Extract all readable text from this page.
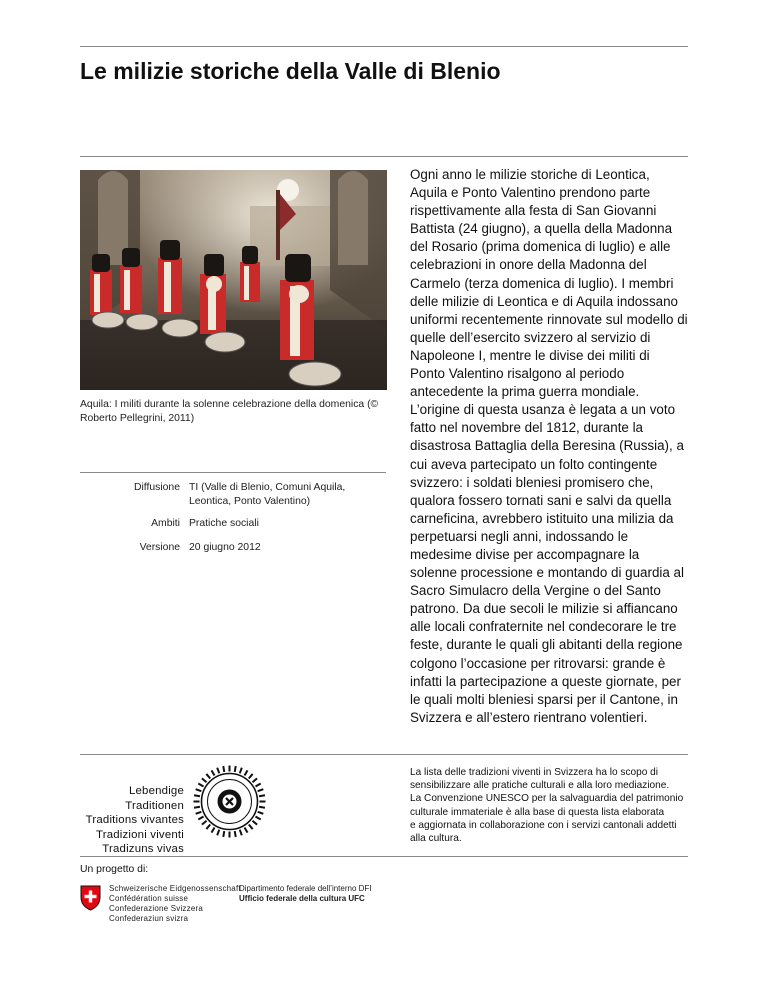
Le milizie storiche della Valle di Blenio
Aquila: I militi durante la solenne celebrazione della domenica (© Roberto Pellegrini, 2011)
Diffusione TI (Valle di Blenio, Comuni Aquila, Leontica, Ponto Valentino)
Ambiti Pratiche sociali
Versione 20 giugno 2012
Ogni anno le milizie storiche di Leontica, Aquila e Ponto Valentino prendono parte rispettivamente alla festa di San Giovanni Battista (24 giugno), a quella della Madonna del Rosario (prima domenica di luglio) e alle celebrazioni in onore della Madonna del Carmelo (terza domenica di luglio). I membri delle milizie di Leontica e di Aquila indossano uniformi recentemente rinnovate sul modello di quelle dell’esercito svizzero al servizio di Napoleone I, mentre le divise dei militi di Ponto Valentino risalgono al periodo antecedente la prima guerra mondiale. L’origine di questa usanza è legata a un voto fatto nel novembre del 1812, durante la disastrosa Battaglia della Beresina (Russia), a cui aveva partecipato un folto contingente svizzero: i soldati bleniesi promisero che, qualora fossero tornati sani e salvi da quella carneficina, avrebbero istituito una milizia da perpetuarsi negli anni, indossando le medesime divise per accompagnare la solenne processione e montando di guardia al Sacro Simulacro della Vergine o del Santo patrono. Da due secoli le milizie si affiancano alle locali confraternite nel condecorare le tre feste, durante le quali gli abitanti della regione colgono l’occasione per ritrovarsi: grande è infatti la partecipazione a queste giornate, per le quali molti bleniesi sparsi per il Cantone, in Svizzera e all’estero rientrano volentieri.
Lebendige Traditionen
Traditions vivantes
Tradizioni viventi
Tradizuns vivas
La lista delle tradizioni viventi in Svizzera ha lo scopo di
sensibilizzare alle pratiche culturali e alla loro mediazione.
La Convenzione UNESCO per la salvaguardia del patrimonio
culturale immateriale è alla base di questa lista elaborata
e aggiornata in collaborazione con i servizi cantonali addetti
alla cultura.
Un progetto di:
Schweizerische Eidgenossenschaft
Confédération suisse
Confederazione Svizzera
Confederaziun svizra
Dipartimento federale dell’interno DFI
Ufficio federale della cultura UFC
